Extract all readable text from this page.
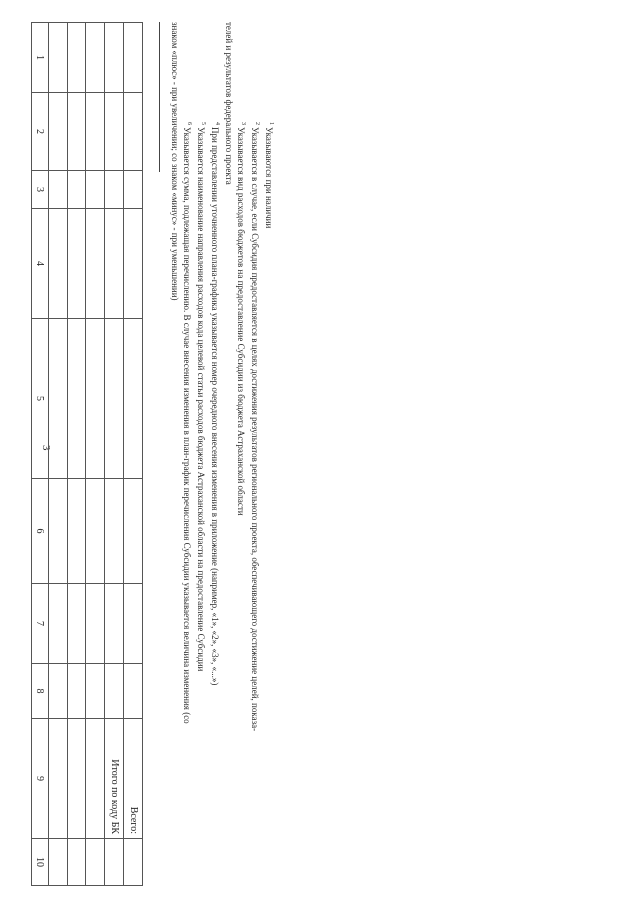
3
								Всего:	
								Итого по коду БК	

1	2	3	4	5	6	7	8	9	10

$^1$Указываются при наличии

$^2$Указывается в случае, если Субсидия предоставляется в целях достижения результатов регионального проекта, обеспечивающего достижение целей, показа-

$^3$Указывается вид расходов бюджетов на предоставление Субсидии из бюджета Астраханской области

телей и результатов федерального проекта

$^4$При представлении уточненного плана-графика указывается номер очередного внесения изменения в приложение (например, «1», «2», «3», «...»)

$^5$Указывается наименование направления расходов кода целевой статьи расходов бюджета Астраханской области на предоставление Субсидии

$^6$Указывается сумма, подлежащая перечислению. В случае внесения изменения в план-график перечисления Субсидии указывается величина изменения (со

знаком «плюс» - при увеличении; со знаком «минус» - при уменьшении)
